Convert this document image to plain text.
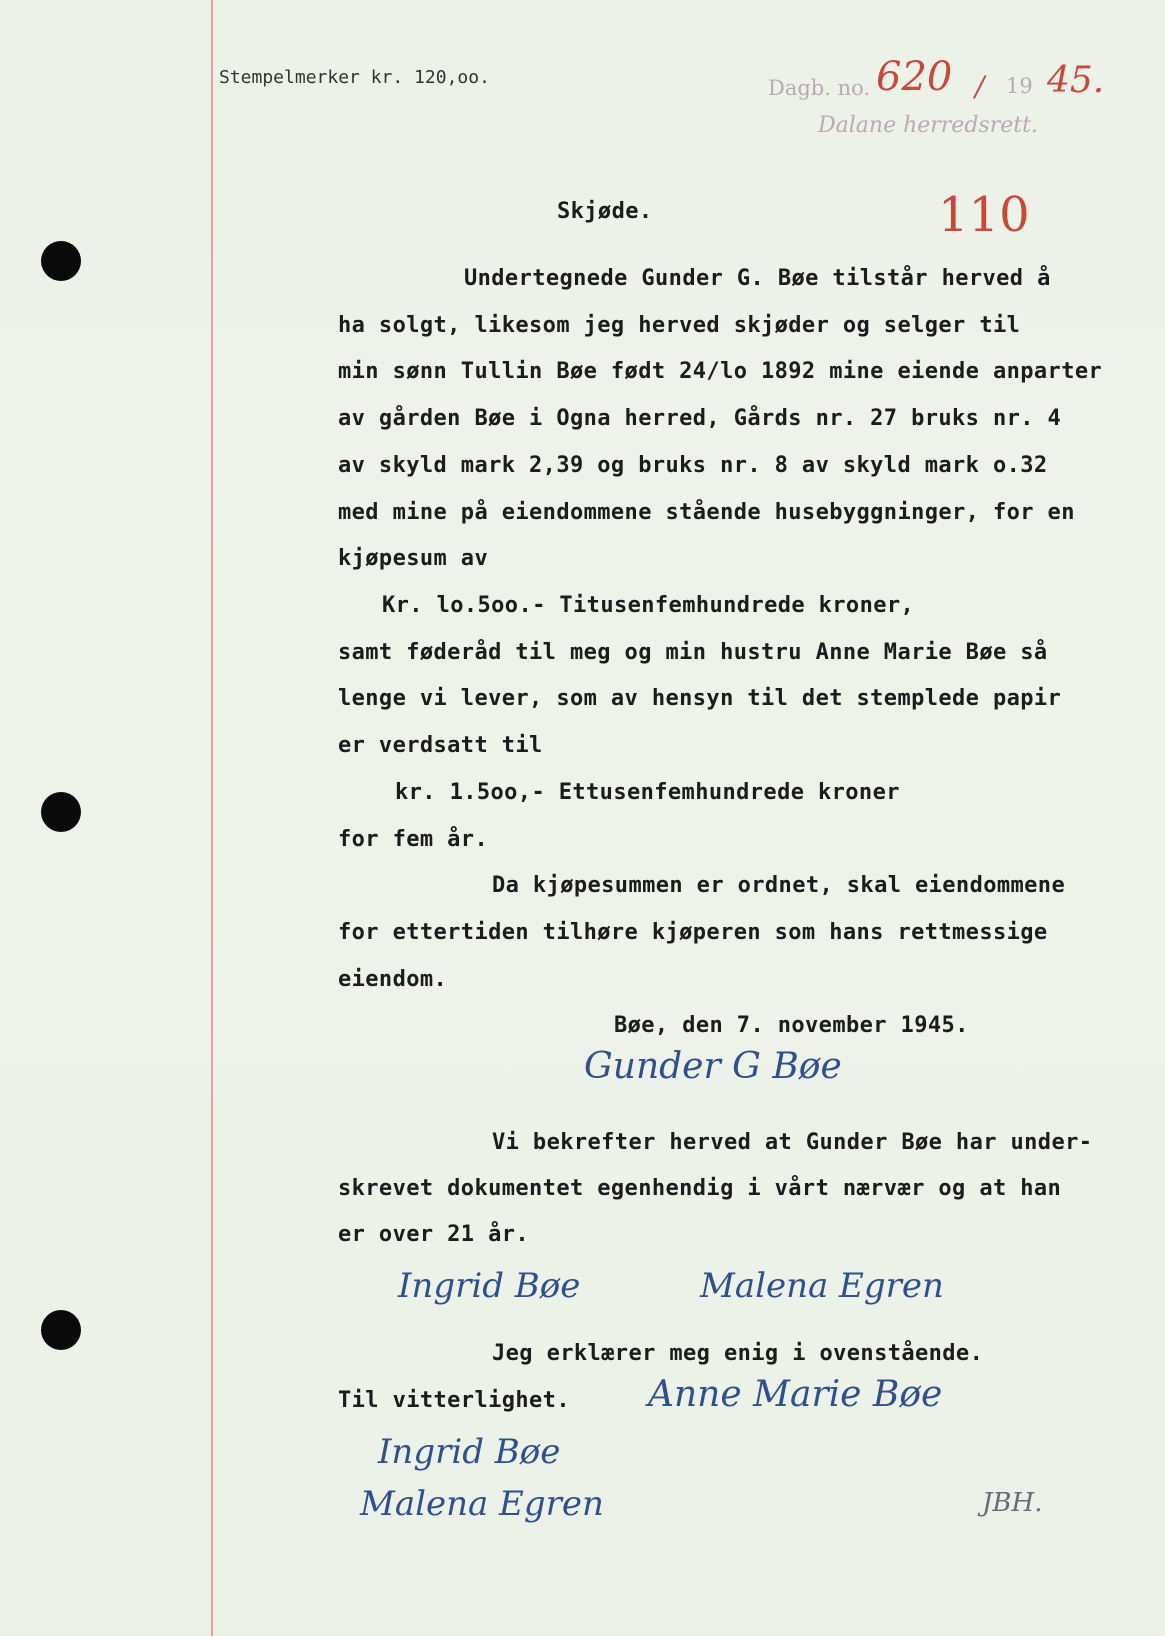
Stempelmerker kr. 120,oo.	Dagb. no. 620 / 19 45.
Dalane herredsrett.
110
Skjøde.
Undertegnede Gunder G. Bøe tilstår herved å
ha solgt, likesom jeg herved skjøder og selger til
min sønn Tullin Bøe født 24/lo 1892 mine eiende anparter
av gården Bøe i Ogna herred, Gårds nr. 27 bruks nr. 4
av skyld mark 2,39 og bruks nr. 8 av skyld mark o.32
med mine på eiendommene stående husebyggninger, for en
kjøpesum av
Kr. lo.5oo.- Titusenfemhundrede kroner,
samt føderåd til meg og min hustru Anne Marie Bøe så
lenge vi lever, som av hensyn til det stemplede papir
er verdsatt til
kr. 1.5oo,- Ettusenfemhundrede kroner
for fem år.
Da kjøpesummen er ordnet, skal eiendommene
for ettertiden tilhøre kjøperen som hans rettmessige
eiendom.
Bøe, den 7. november 1945.
Gunder G Bøe
Vi bekrefter herved at Gunder Bøe har under-
skrevet dokumentet egenhendig i vårt nærvær og at han
er over 21 år.
Ingrid Bøe	Malena Egren
Jeg erklærer meg enig i ovenstående.
Til vitterlighet. Anne Marie Bøe
Ingrid Bøe
Malena Egren	JBH.
